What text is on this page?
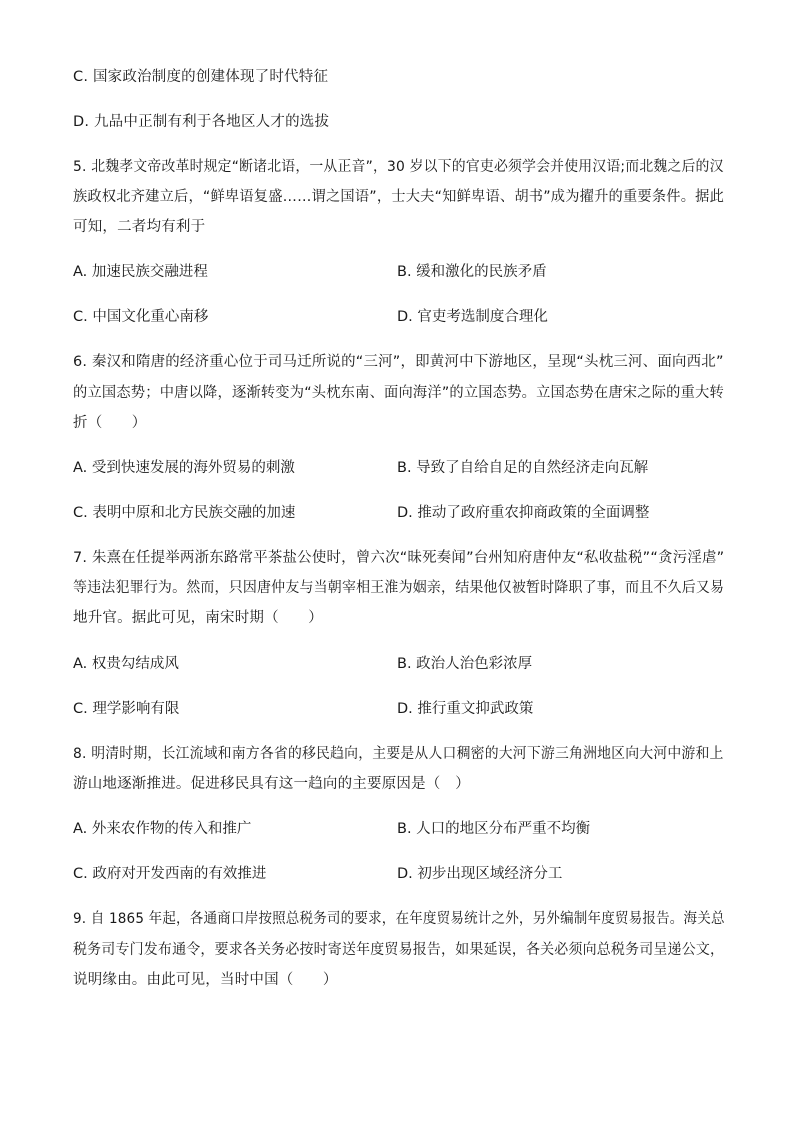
C. 国家政治制度的创建体现了时代特征
D. 九品中正制有利于各地区人才的选拔
5. 北魏孝文帝改革时规定“断诸北语，一从正音”，30 岁以下的官吏必须学会并使用汉语;而北魏之后的汉
族政权北齐建立后，“鲜卑语复盛……谓之国语”，士大夫“知鲜卑语、胡书”成为擢升的重要条件。据此
可知，二者均有利于
A. 加速民族交融进程	B. 缓和激化的民族矛盾
C. 中国文化重心南移	D. 官吏考选制度合理化
6. 秦汉和隋唐的经济重心位于司马迁所说的“三河”，即黄河中下游地区，呈现“头枕三河、面向西北”
的立国态势；中唐以降，逐渐转变为“头枕东南、面向海洋”的立国态势。立国态势在唐宋之际的重大转
折（　　）
A. 受到快速发展的海外贸易的刺激	B. 导致了自给自足的自然经济走向瓦解
C. 表明中原和北方民族交融的加速	D. 推动了政府重农抑商政策的全面调整
7. 朱熹在任提举两浙东路常平茶盐公使时，曾六次“昧死奏闻”台州知府唐仲友“私收盐税”“贪污淫虐”
等违法犯罪行为。然而，只因唐仲友与当朝宰相王淮为姻亲，结果他仅被暂时降职了事，而且不久后又易
地升官。据此可见，南宋时期（　　）
A. 权贵勾结成风	B. 政治人治色彩浓厚
C. 理学影响有限	D. 推行重文抑武政策
8. 明清时期，长江流域和南方各省的移民趋向，主要是从人口稠密的大河下游三角洲地区向大河中游和上
游山地逐渐推进。促进移民具有这一趋向的主要原因是（　）
A. 外来农作物的传入和推广	B. 人口的地区分布严重不均衡
C. 政府对开发西南的有效推进	D. 初步出现区域经济分工
9. 自 1865 年起，各通商口岸按照总税务司的要求，在年度贸易统计之外，另外编制年度贸易报告。海关总
税务司专门发布通令，要求各关务必按时寄送年度贸易报告，如果延误，各关必须向总税务司呈递公文，
说明缘由。由此可见，当时中国（　　）
